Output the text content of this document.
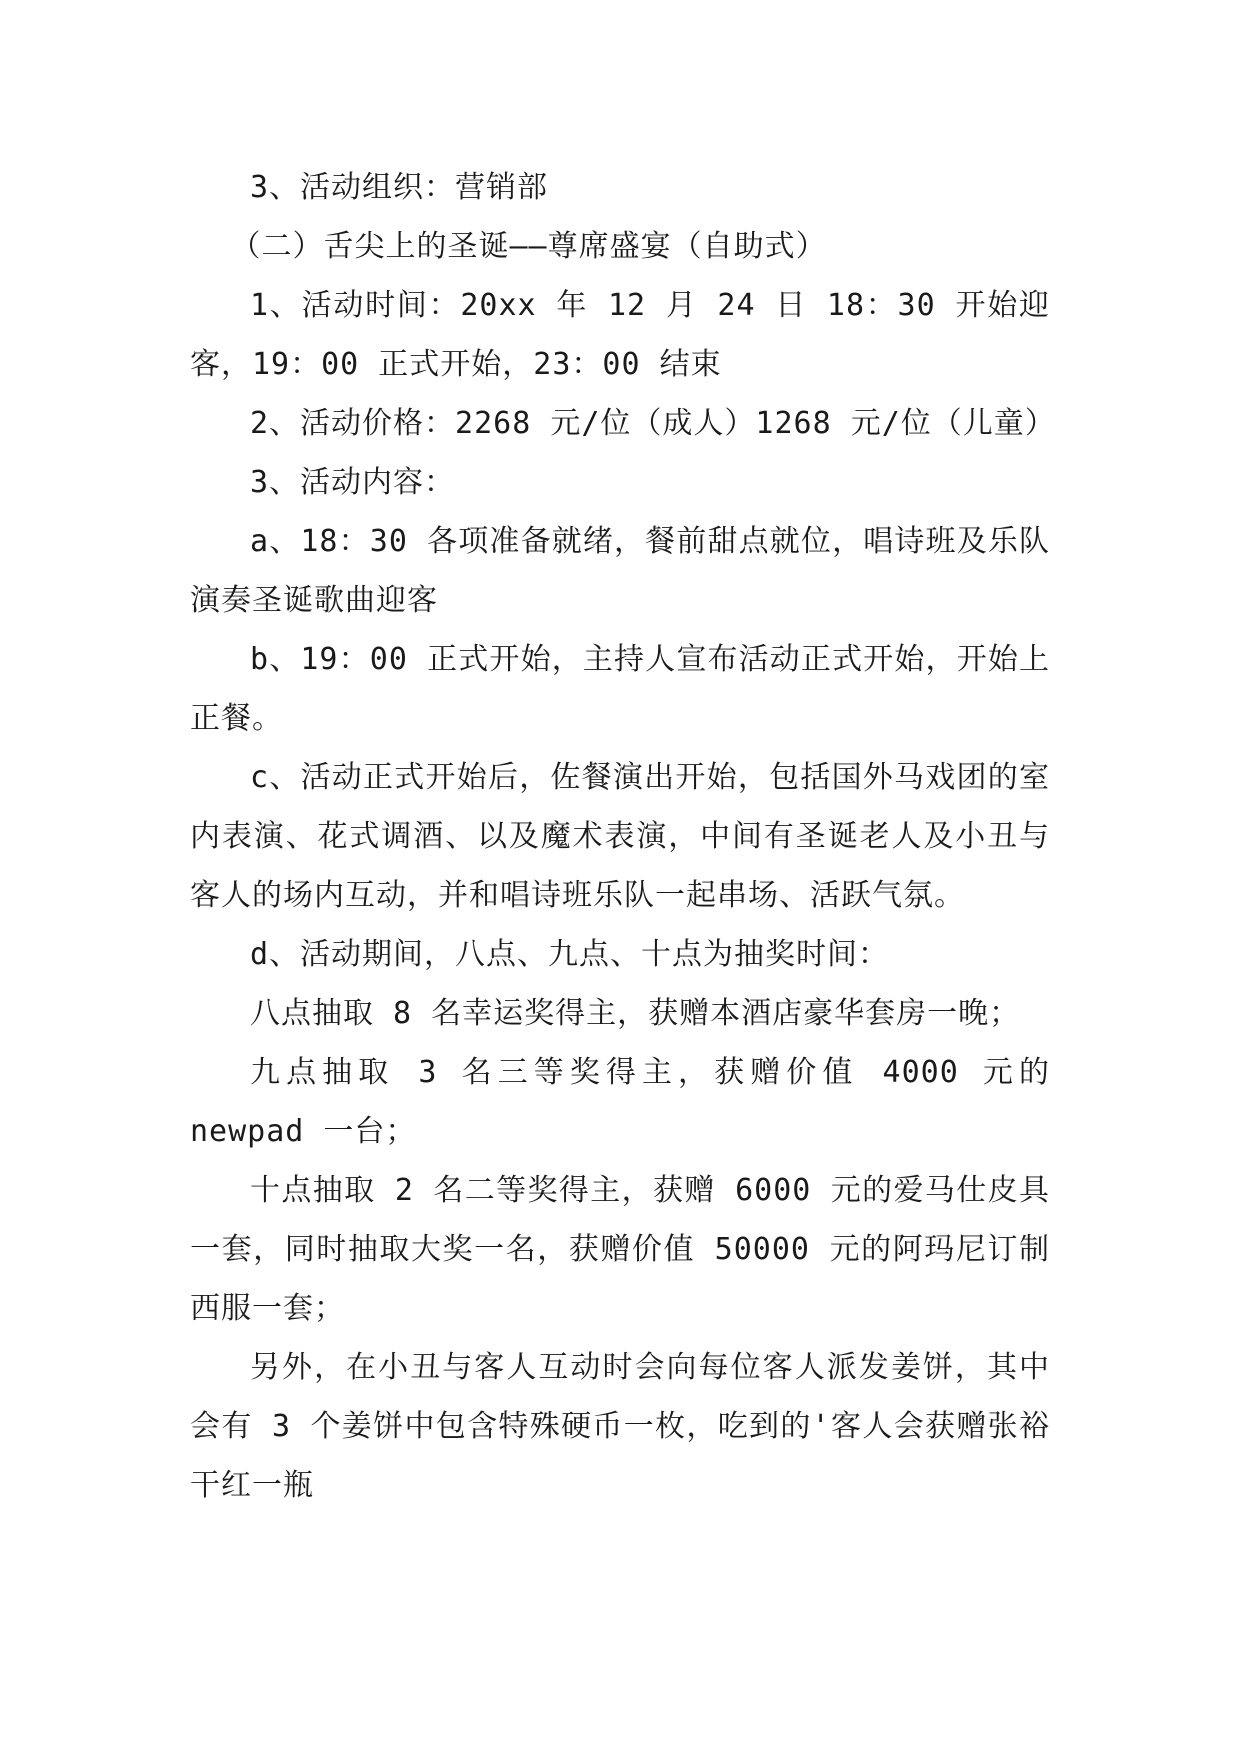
3、活动组织：营销部

（二）舌尖上的圣诞——尊席盛宴（自助式）

1、活动时间：20xx 年 12 月 24 日 18：30 开始迎客，19：00 正式开始，23：00 结束

2、活动价格：2268 元/位（成人）1268 元/位（儿童）

3、活动内容：

a、18：30 各项准备就绪，餐前甜点就位，唱诗班及乐队演奏圣诞歌曲迎客

b、19：00 正式开始，主持人宣布活动正式开始，开始上正餐。

c、活动正式开始后，佐餐演出开始，包括国外马戏团的室内表演、花式调酒、以及魔术表演，中间有圣诞老人及小丑与客人的场内互动，并和唱诗班乐队一起串场、活跃气氛。

d、活动期间，八点、九点、十点为抽奖时间：

八点抽取 8 名幸运奖得主，获赠本酒店豪华套房一晚；

九点抽取 3 名三等奖得主，获赠价值 4000 元的 newpad 一台；

十点抽取 2 名二等奖得主，获赠 6000 元的爱马仕皮具一套，同时抽取大奖一名，获赠价值 50000 元的阿玛尼订制西服一套；

另外，在小丑与客人互动时会向每位客人派发姜饼，其中会有 3 个姜饼中包含特殊硬币一枚，吃到的'客人会获赠张裕干红一瓶
